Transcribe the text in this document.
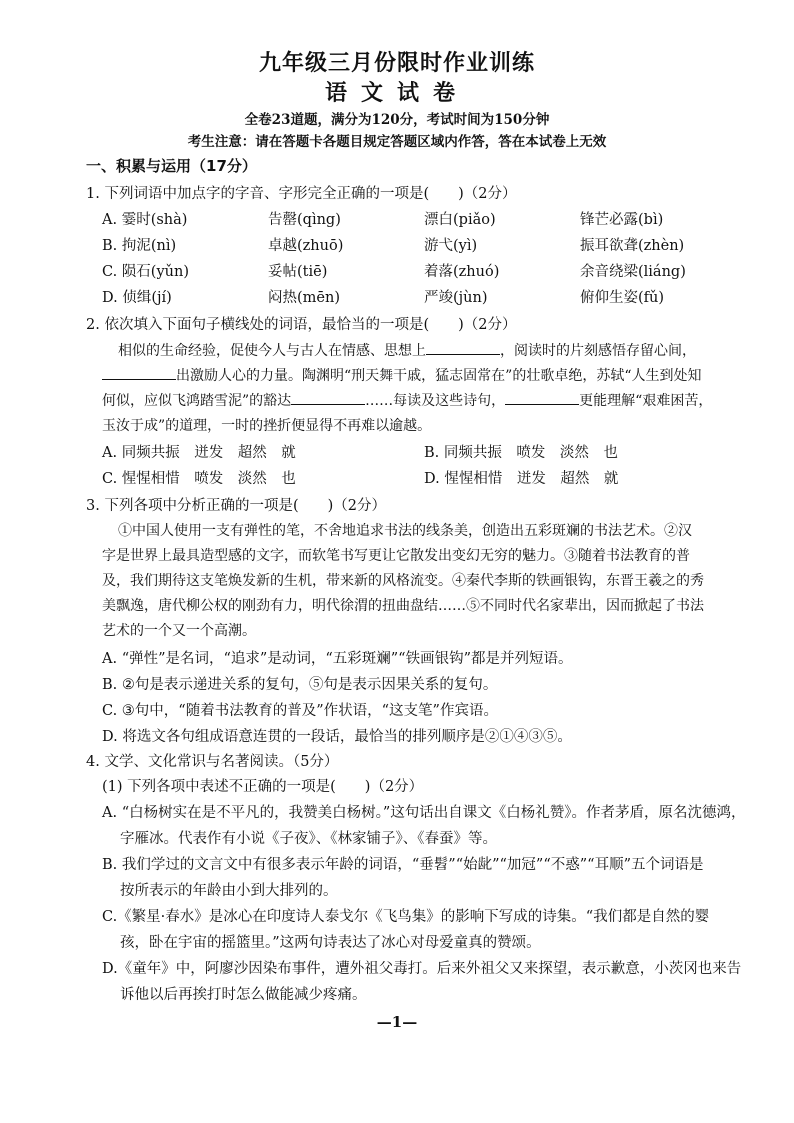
九年级三月份限时作业训练
语文试卷
全卷23道题，满分为120分，考试时间为150分钟
考生注意：请在答题卡各题目规定答题区域内作答，答在本试卷上无效
一、积累与运用（17分）
1. 下列词语中加点字的字音、字形完全正确的一项是(　　)（2分）
A. 霎时(shà)	告罄(qìng)	漂白(piǎo)	锋芒必露(bì)
B. 拘泥(nì)	卓越(zhuō)	游弋(yì)	振耳欲聋(zhèn)
C. 陨石(yǔn)	妥帖(tiē)	着落(zhuó)	余音绕梁(liáng)
D. 侦缉(jí)	闷热(mēn)	严竣(jùn)	俯仰生姿(fǔ)
2. 依次填入下面句子横线处的词语，最恰当的一项是(　　)（2分）
相似的生命经验，促使今人与古人在情感、思想上	，阅读时的片刻感悟存留心间，
出激励人心的力量。陶渊明“刑天舞干戚，猛志固常在”的壮歌卓绝，苏轼“人生到处知
何似，应似飞鸿踏雪泥”的豁达	……每读及这些诗句，	更能理解“艰难困苦，
玉汝于成”的道理，一时的挫折便显得不再难以逾越。
A. 同频共振　迸发　超然　就	B. 同频共振　喷发　淡然　也
C. 惺惺相惜　喷发　淡然　也	D. 惺惺相惜　迸发　超然　就
3. 下列各项中分析正确的一项是(　　)（2分）
①中国人使用一支有弹性的笔，不舍地追求书法的线条美，创造出五彩斑斓的书法艺术。②汉
字是世界上最具造型感的文字，而软笔书写更让它散发出变幻无穷的魅力。③随着书法教育的普
及，我们期待这支笔焕发新的生机，带来新的风格流变。④秦代李斯的铁画银钩，东晋王羲之的秀
美飘逸，唐代柳公权的刚劲有力，明代徐渭的扭曲盘结……⑤不同时代名家辈出，因而掀起了书法
艺术的一个又一个高潮。
A. “弹性”是名词，“追求”是动词，“五彩斑斓”“铁画银钩”都是并列短语。
B. ②句是表示递进关系的复句，⑤句是表示因果关系的复句。
C. ③句中，“随着书法教育的普及”作状语，“这支笔”作宾语。
D. 将选文各句组成语意连贯的一段话，最恰当的排列顺序是②①④③⑤。
4. 文学、文化常识与名著阅读。（5分）
(1) 下列各项中表述不正确的一项是(　　)（2分）
A. “白杨树实在是不平凡的，我赞美白杨树。”这句话出自课文《白杨礼赞》。作者茅盾，原名沈德鸿，
字雁冰。代表作有小说《子夜》、《林家铺子》、《春蚕》等。
B. 我们学过的文言文中有很多表示年龄的词语，“垂髫”“始龀”“加冠”“不惑”“耳顺”五个词语是
按所表示的年龄由小到大排列的。
C.《繁星·春水》是冰心在印度诗人泰戈尔《飞鸟集》的影响下写成的诗集。“我们都是自然的婴
孩，卧在宇宙的摇篮里。”这两句诗表达了冰心对母爱童真的赞颂。
D.《童年》中，阿廖沙因染布事件，遭外祖父毒打。后来外祖父又来探望，表示歉意，小茨冈也来告
诉他以后再挨打时怎么做能减少疼痛。
—1—
